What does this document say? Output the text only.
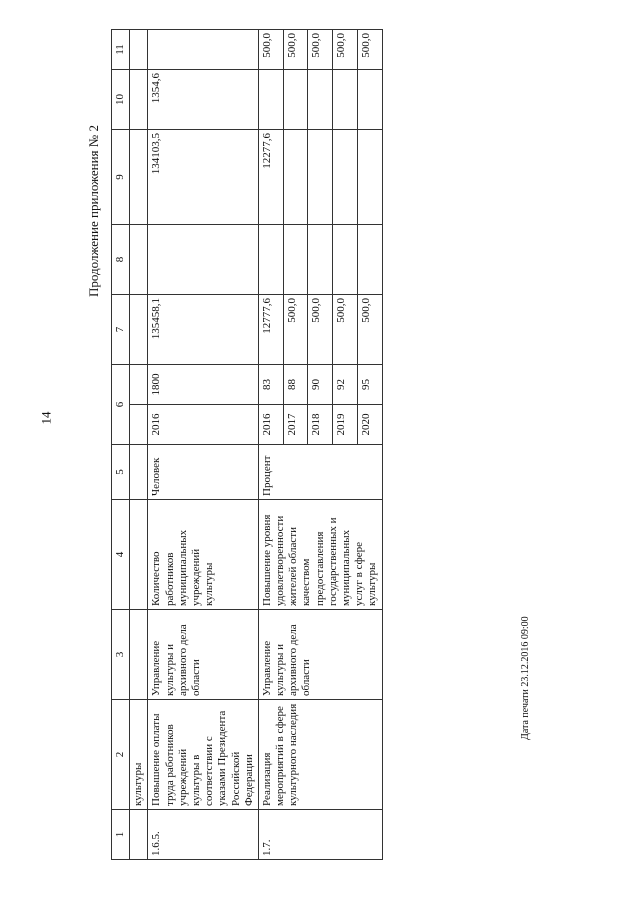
14
Продолжение приложения № 2
Дата печати 23.12.2016 09:00
1	2	3	4	5	6		7	8	9	10	11
	культуры										
1.6.5.	Повышение оплаты труда работников учреждений культуры в соответствии с указами Президента Российской Федерации	Управление культуры и архивного дела области	Количество работников муниципальных учреждений культуры	Человек	2016	1800	135458,1		134103,5	1354,6	
1.7.	Реализация мероприятий в сфере культурного наследия	Управление культуры и архивного дела области	Повышение уровня удовлетворенности жителей области качеством предоставления государственных и муниципальных услуг в сфере культуры	Процент	2016	83	12777,6		12277,6		500,0
					2017	88	500,0				500,0
					2018	90	500,0				500,0
					2019	92	500,0				500,0
					2020	95	500,0				500,0
